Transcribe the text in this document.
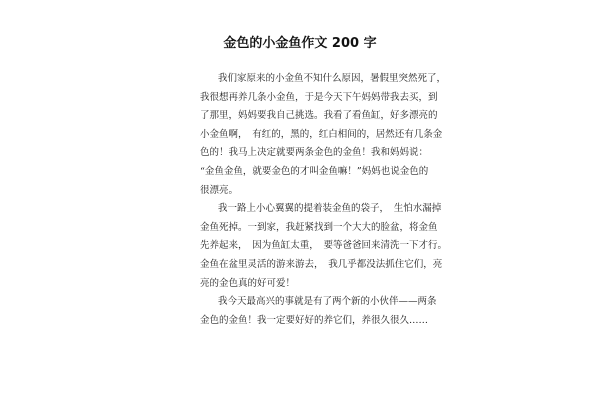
金色的小金鱼作文 200 字
我们家原来的小金鱼不知什么原因，暑假里突然死了，
我很想再养几条小金鱼，于是今天下午妈妈带我去买，到
了那里，妈妈要我自己挑选。我看了看鱼缸，好多漂亮的
小金鱼啊，　有红的，黑的，红白相间的，居然还有几条金
色的！我马上决定就要两条金色的金鱼！我和妈妈说：
“金鱼金鱼，就要金色的才叫金鱼嘛！”妈妈也说金色的
很漂亮。
我一路上小心翼翼的提着装金鱼的袋子，　生怕水漏掉
金鱼死掉。一到家，我赶紧找到一个大大的脸盆，将金鱼
先养起来，　因为鱼缸太重，　要等爸爸回来清洗一下才行。
金鱼在盆里灵活的游来游去，　我几乎都没法抓住它们，亮
亮的金色真的好可爱！
我今天最高兴的事就是有了两个新的小伙伴——两条
金色的金鱼！我一定要好好的养它们，养很久很久……
